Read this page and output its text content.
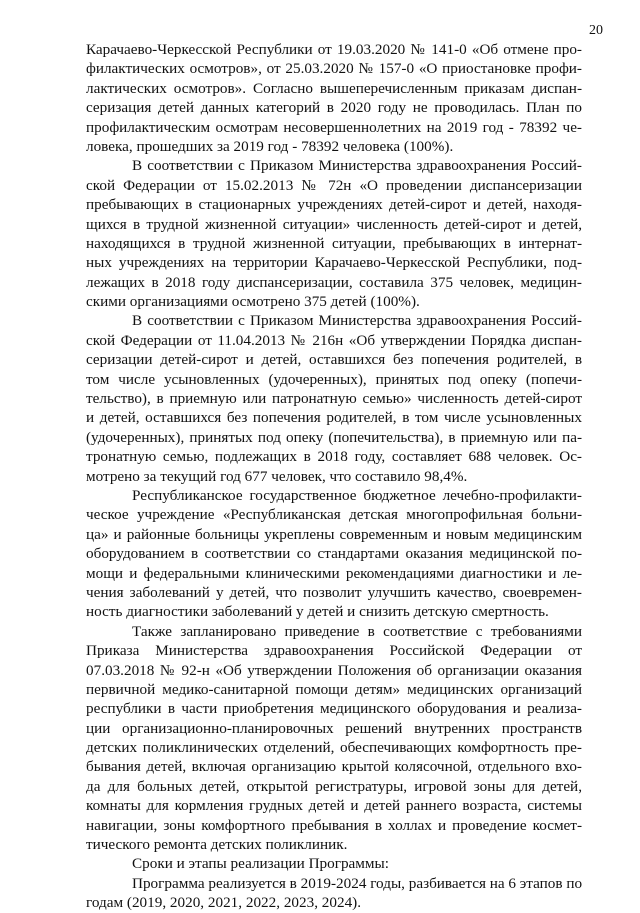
20
Карачаево-Черкесской Республики от 19.03.2020 № 141-0 «Об отмене про-
филактических осмотров», от 25.03.2020 № 157-0 «О приостановке профи-
лактических осмотров». Согласно вышеперечисленным приказам диспан-
серизация детей данных категорий в 2020 году не проводилась. План по
профилактическим осмотрам несовершеннолетних на 2019 год - 78392 че-
ловека, прошедших за 2019 год - 78392 человека (100%).
В соответствии с Приказом Министерства здравоохранения Россий-
ской Федерации от 15.02.2013 № 72н «О проведении диспансеризации
пребывающих в стационарных учреждениях детей-сирот и детей, находя-
щихся в трудной жизненной ситуации» численность детей-сирот и детей,
находящихся в трудной жизненной ситуации, пребывающих в интернат-
ных учреждениях на территории Карачаево-Черкесской Республики, под-
лежащих в 2018 году диспансеризации, составила 375 человек, медицин-
скими организациями осмотрено 375 детей (100%).
В соответствии с Приказом Министерства здравоохранения Россий-
ской Федерации от 11.04.2013 № 216н «Об утверждении Порядка диспан-
серизации детей-сирот и детей, оставшихся без попечения родителей, в
том числе усыновленных (удочеренных), принятых под опеку (попечи-
тельство), в приемную или патронатную семью» численность детей-сирот
и детей, оставшихся без попечения родителей, в том числе усыновленных
(удочеренных), принятых под опеку (попечительства), в приемную или па-
тронатную семью, подлежащих в 2018 году, составляет 688 человек. Ос-
мотрено за текущий год 677 человек, что составило 98,4%.
Республиканское государственное бюджетное лечебно-профилакти-
ческое учреждение «Республиканская детская многопрофильная больни-
ца» и районные больницы укреплены современным и новым медицинским
оборудованием в соответствии со стандартами оказания медицинской по-
мощи и федеральными клиническими рекомендациями диагностики и ле-
чения заболеваний у детей, что позволит улучшить качество, своевремен-
ность диагностики заболеваний у детей и снизить детскую смертность.
Также запланировано приведение в соответствие с требованиями
Приказа Министерства здравоохранения Российской Федерации от
07.03.2018 № 92-н «Об утверждении Положения об организации оказания
первичной медико-санитарной помощи детям» медицинских организаций
республики в части приобретения медицинского оборудования и реализа-
ции организационно-планировочных решений внутренних пространств
детских поликлинических отделений, обеспечивающих комфортность пре-
бывания детей, включая организацию крытой колясочной, отдельного вхо-
да для больных детей, открытой регистратуры, игровой зоны для детей,
комнаты для кормления грудных детей и детей раннего возраста, системы
навигации, зоны комфортного пребывания в холлах и проведение космет-
тического ремонта детских поликлиник.
Сроки и этапы реализации Программы:
Программа реализуется в 2019-2024 годы, разбивается на 6 этапов по
годам (2019, 2020, 2021, 2022, 2023, 2024).
